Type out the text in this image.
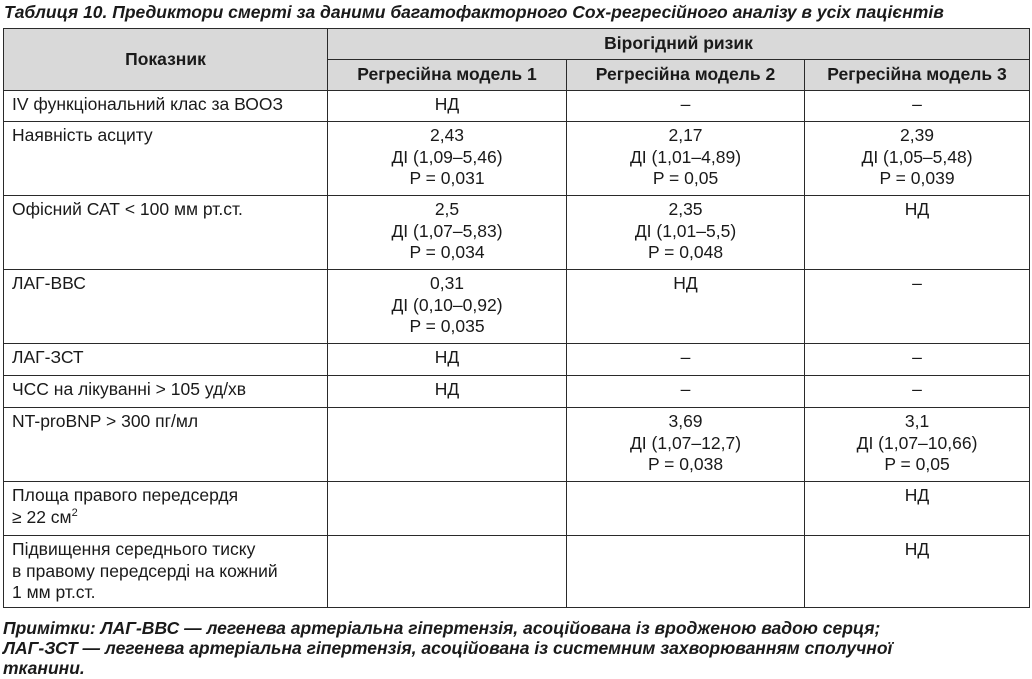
Таблиця 10. Предиктори смерті за даними багатофакторного Cox-регресійного аналізу в усіх пацієнтів
Показник	Вірогідний ризик		
	Регресійна модель 1	Регресійна модель 2	Регресійна модель 3

IV функціональний клас за ВООЗ	НД	–	–

Наявність асциту	2,43
ДІ (1,09–5,46)
P = 0,031	2,17
ДІ (1,01–4,89)
P = 0,05	2,39
ДІ (1,05–5,48)
P = 0,039

Офісний САТ < 100 мм рт.ст.	2,5
ДІ (1,07–5,83)
P = 0,034	2,35
ДІ (1,01–5,5)
P = 0,048	НД

ЛАГ-ВВС	0,31
ДІ (0,10–0,92)
P = 0,035	НД	–

ЛАГ-ЗСТ	НД	–	–

ЧСС на лікуванні > 105 уд/хв	НД	–	–

NT-proBNP > 300 пг/мл		3,69
ДІ (1,07–12,7)
P = 0,038	3,1
ДІ (1,07–10,66)
P = 0,05

Площа правого передсердя
≥ 22 $см^2$			НД

Підвищення середнього тиску
в правому передсерді на кожний
1 мм рт.ст.			НД
Примітки: ЛАГ-ВВС — легенева артеріальна гіпертензія, асоційована із вродженою вадою серця;
ЛАГ-ЗСТ — легенева артеріальна гіпертензія, асоційована із системним захворюванням сполучної
тканини.
